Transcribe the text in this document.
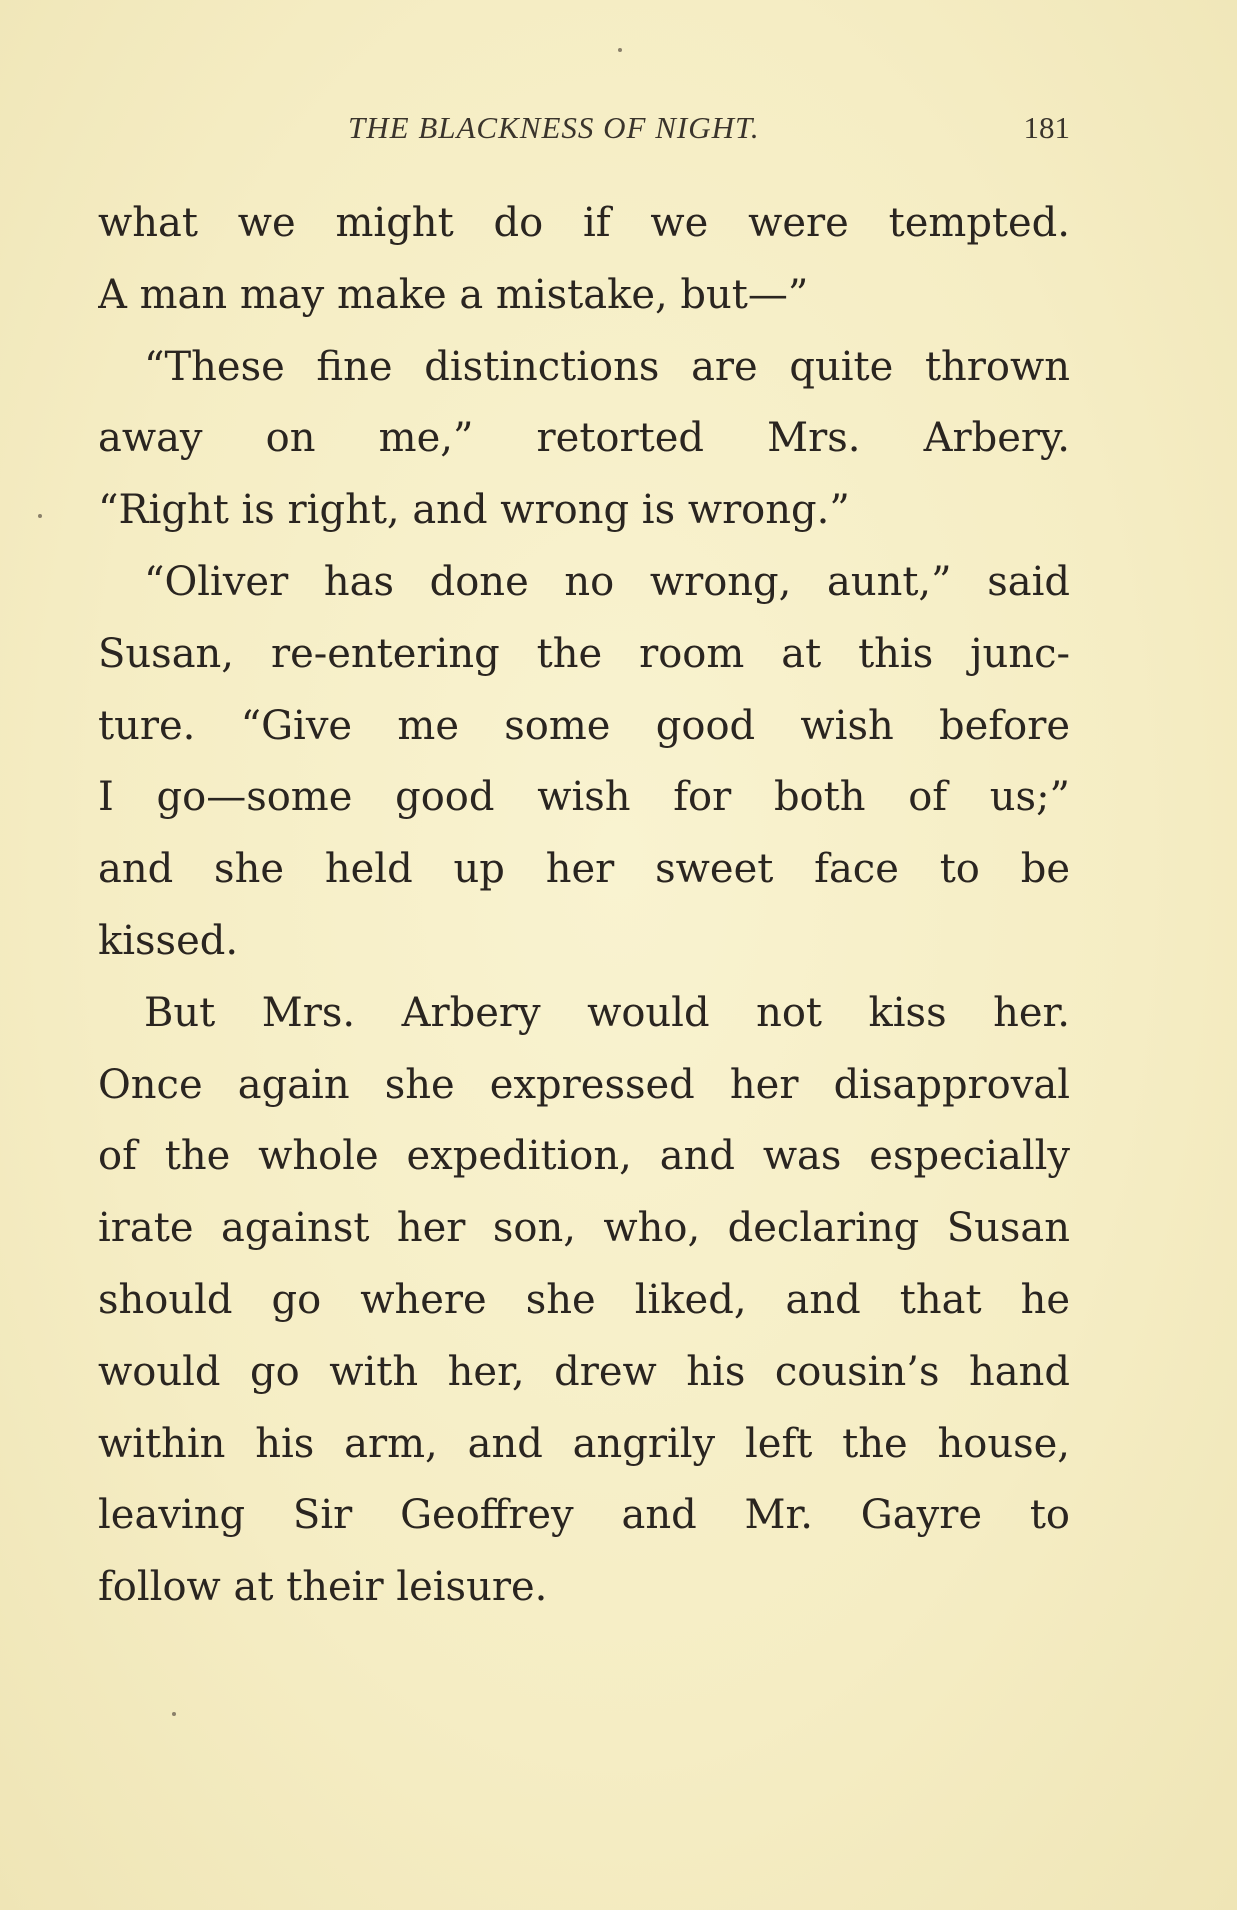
THE BLACKNESS OF NIGHT.	181
what we might do if we were tempted.
A man may make a mistake, but—”
“These fine distinctions are quite thrown
away on me,” retorted Mrs. Arbery.
“Right is right, and wrong is wrong.”
“Oliver has done no wrong, aunt,” said
Susan, re-entering the room at this junc-
ture. “Give me some good wish before
I go—some good wish for both of us;”
and she held up her sweet face to be
kissed.
But Mrs. Arbery would not kiss her.
Once again she expressed her disapproval
of the whole expedition, and was especially
irate against her son, who, declaring Susan
should go where she liked, and that he
would go with her, drew his cousin’s hand
within his arm, and angrily left the house,
leaving Sir Geoffrey and Mr. Gayre to
follow at their leisure.
